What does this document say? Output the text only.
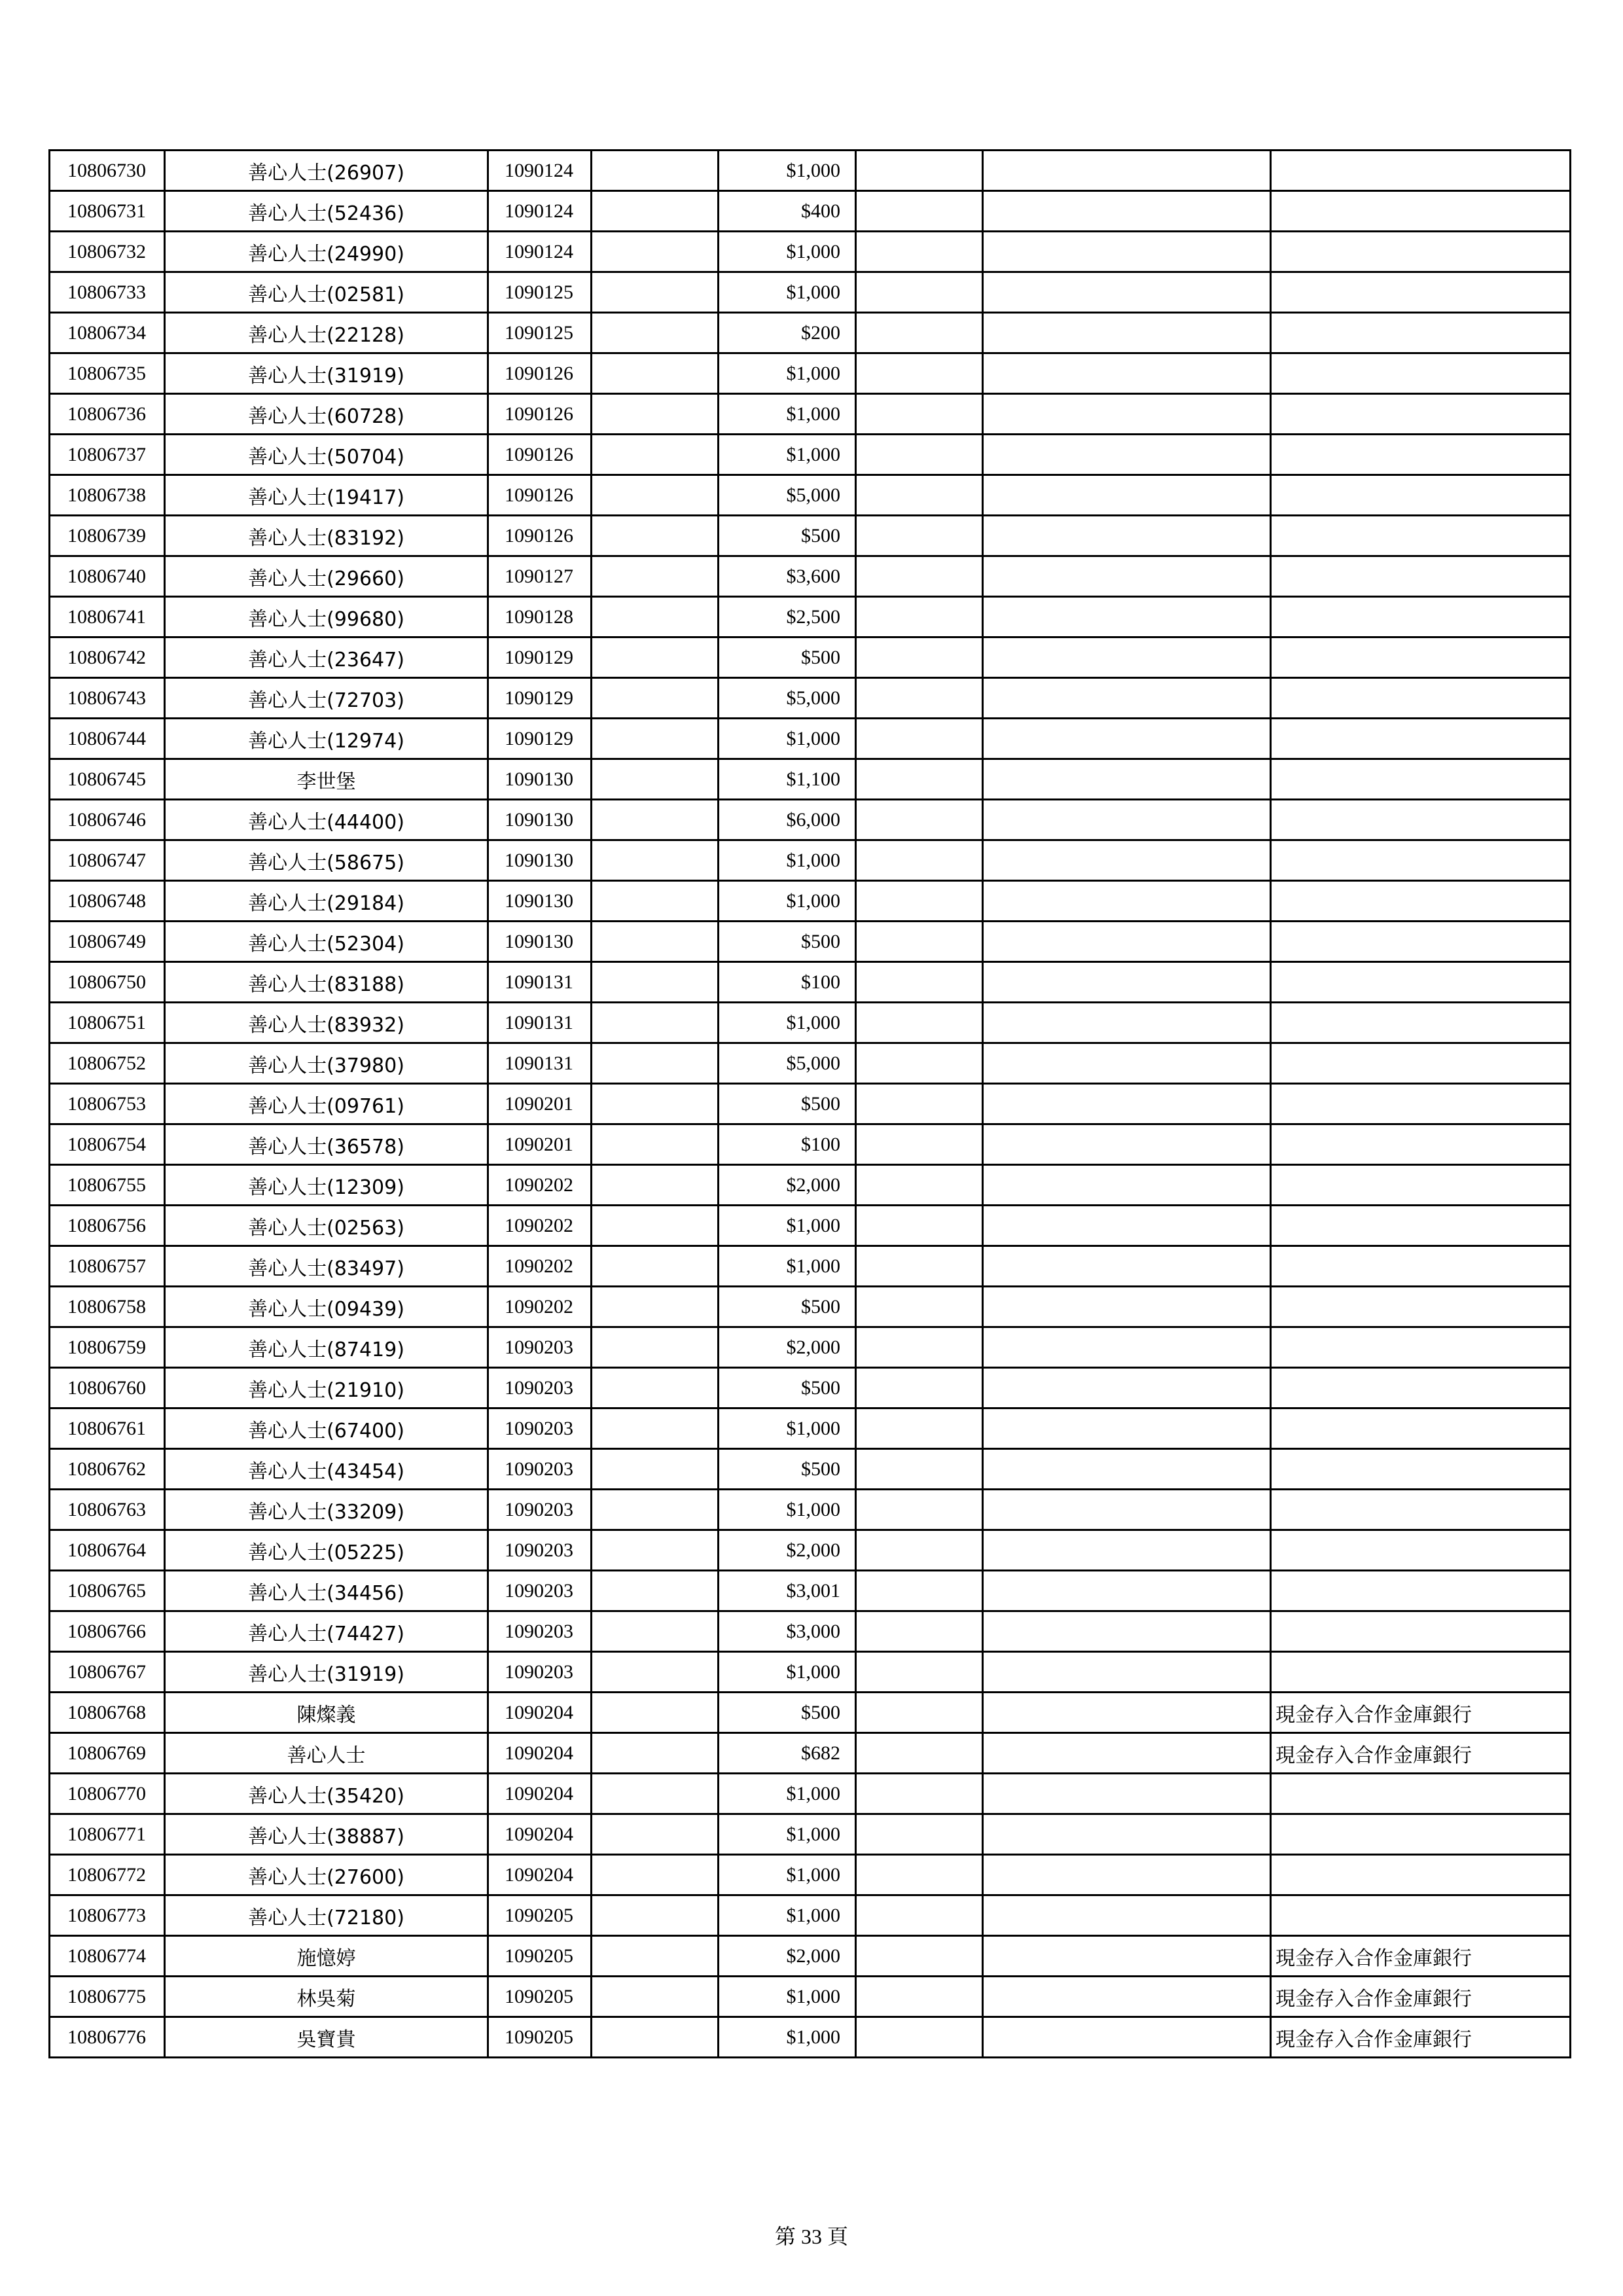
10806730	善心人士(26907)	1090124		$1,000			
10806731	善心人士(52436)	1090124		$400			
10806732	善心人士(24990)	1090124		$1,000			
10806733	善心人士(02581)	1090125		$1,000			
10806734	善心人士(22128)	1090125		$200			
10806735	善心人士(31919)	1090126		$1,000			
10806736	善心人士(60728)	1090126		$1,000			
10806737	善心人士(50704)	1090126		$1,000			
10806738	善心人士(19417)	1090126		$5,000			
10806739	善心人士(83192)	1090126		$500			
10806740	善心人士(29660)	1090127		$3,600			
10806741	善心人士(99680)	1090128		$2,500			
10806742	善心人士(23647)	1090129		$500			
10806743	善心人士(72703)	1090129		$5,000			
10806744	善心人士(12974)	1090129		$1,000			
10806745	李世堡	1090130		$1,100			
10806746	善心人士(44400)	1090130		$6,000			
10806747	善心人士(58675)	1090130		$1,000			
10806748	善心人士(29184)	1090130		$1,000			
10806749	善心人士(52304)	1090130		$500			
10806750	善心人士(83188)	1090131		$100			
10806751	善心人士(83932)	1090131		$1,000			
10806752	善心人士(37980)	1090131		$5,000			
10806753	善心人士(09761)	1090201		$500			
10806754	善心人士(36578)	1090201		$100			
10806755	善心人士(12309)	1090202		$2,000			
10806756	善心人士(02563)	1090202		$1,000			
10806757	善心人士(83497)	1090202		$1,000			
10806758	善心人士(09439)	1090202		$500			
10806759	善心人士(87419)	1090203		$2,000			
10806760	善心人士(21910)	1090203		$500			
10806761	善心人士(67400)	1090203		$1,000			
10806762	善心人士(43454)	1090203		$500			
10806763	善心人士(33209)	1090203		$1,000			
10806764	善心人士(05225)	1090203		$2,000			
10806765	善心人士(34456)	1090203		$3,001			
10806766	善心人士(74427)	1090203		$3,000			
10806767	善心人士(31919)	1090203		$1,000			
10806768	陳燦義	1090204		$500			現金存入合作金庫銀行
10806769	善心人士	1090204		$682			現金存入合作金庫銀行
10806770	善心人士(35420)	1090204		$1,000			
10806771	善心人士(38887)	1090204		$1,000			
10806772	善心人士(27600)	1090204		$1,000			
10806773	善心人士(72180)	1090205		$1,000			
10806774	施憶婷	1090205		$2,000			現金存入合作金庫銀行
10806775	林吳菊	1090205		$1,000			現金存入合作金庫銀行
10806776	吳寶貴	1090205		$1,000			現金存入合作金庫銀行
第 33 頁
